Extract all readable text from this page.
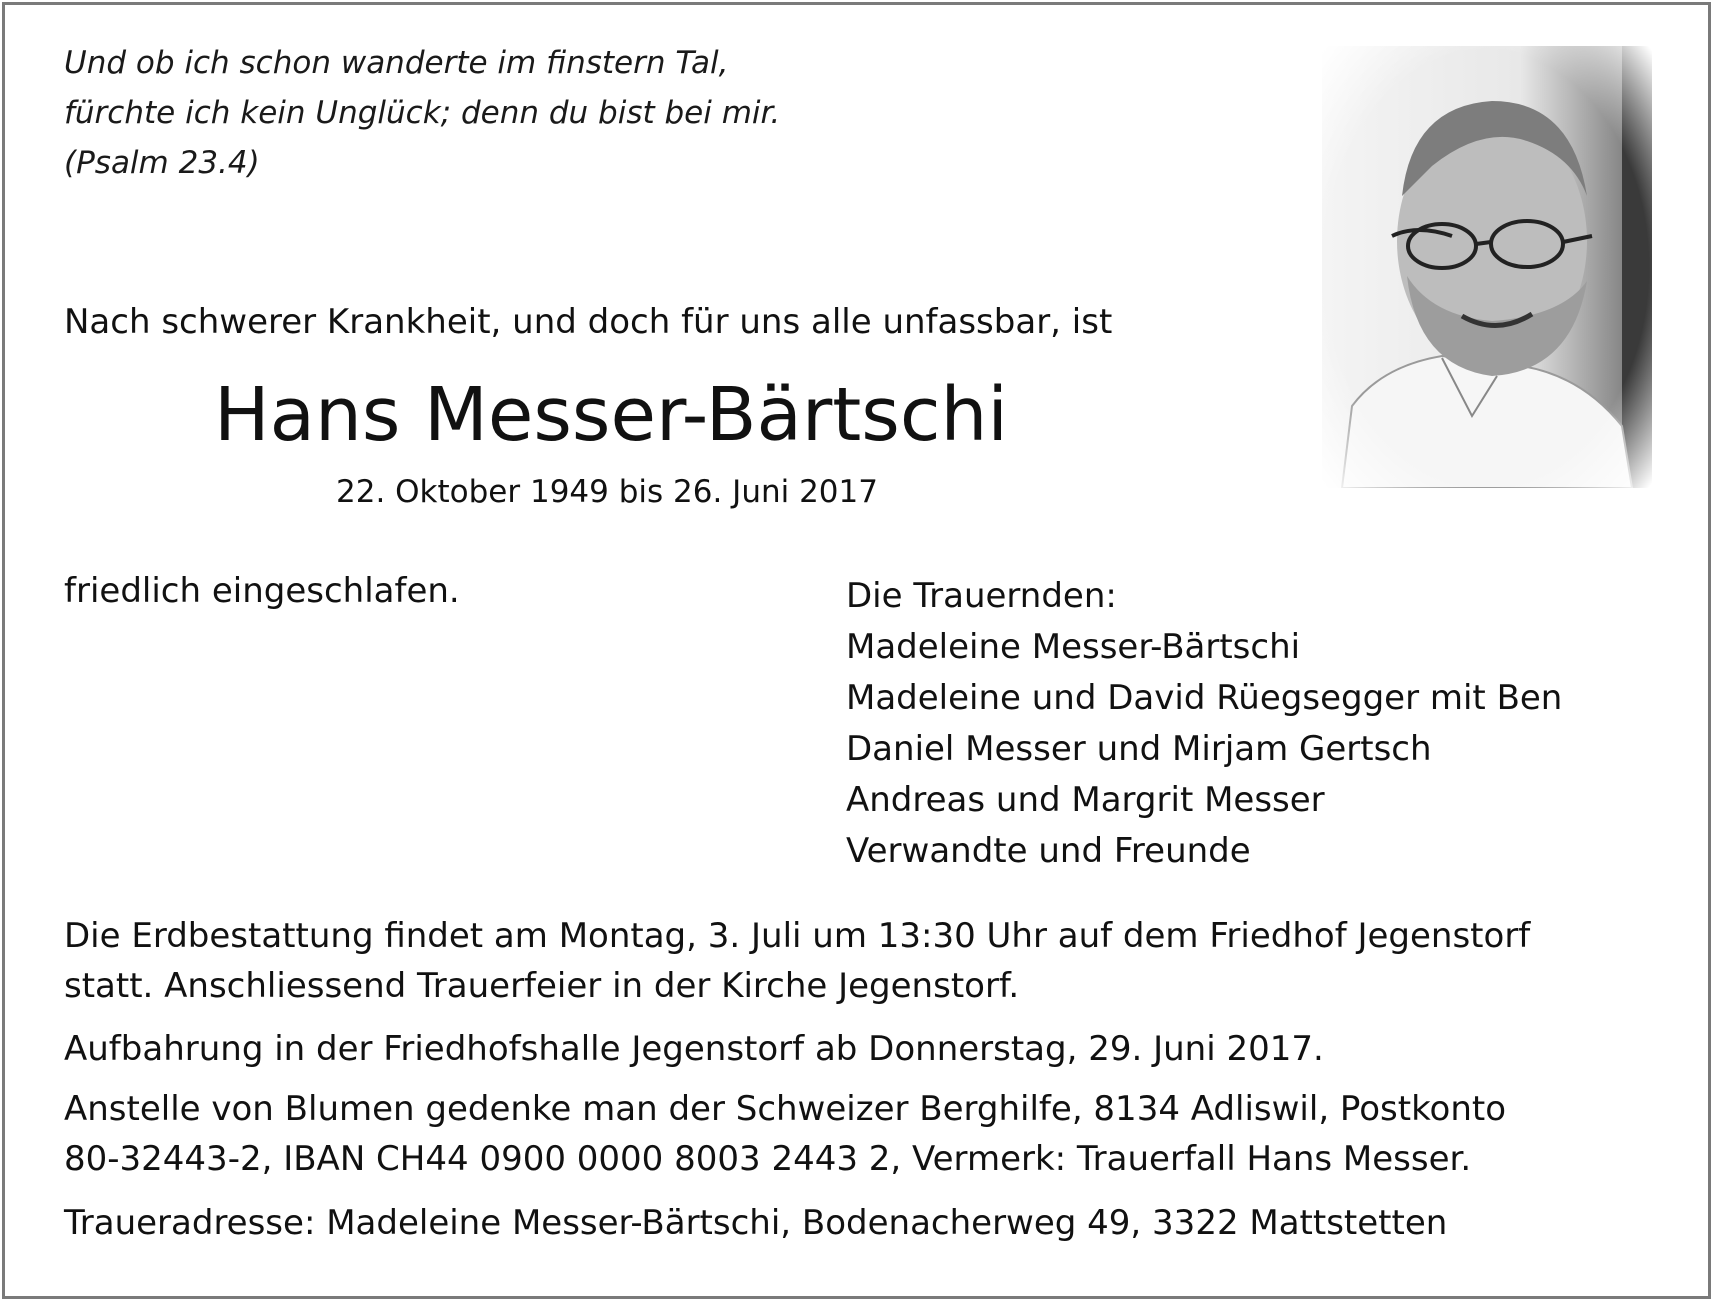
Und ob ich schon wanderte im finstern Tal,
fürchte ich kein Unglück; denn du bist bei mir.
(Psalm 23.4)
Nach schwerer Krankheit, und doch für uns alle unfassbar, ist
Hans Messer-Bärtschi
22. Oktober 1949 bis 26. Juni 2017
friedlich eingeschlafen.	Die Trauernden:
Madeleine Messer-Bärtschi
Madeleine und David Rüegsegger mit Ben
Daniel Messer und Mirjam Gertsch
Andreas und Margrit Messer
Verwandte und Freunde
Die Erdbestattung findet am Montag, 3. Juli um 13:30 Uhr auf dem Friedhof Jegenstorf
statt. Anschliessend Trauerfeier in der Kirche Jegenstorf.
Aufbahrung in der Friedhofshalle Jegenstorf ab Donnerstag, 29. Juni 2017.
Anstelle von Blumen gedenke man der Schweizer Berghilfe, 8134 Adliswil, Postkonto
80-32443-2, IBAN CH44 0900 0000 8003 2443 2, Vermerk: Trauerfall Hans Messer.
Traueradresse: Madeleine Messer-Bärtschi, Bodenacherweg 49, 3322 Mattstetten
